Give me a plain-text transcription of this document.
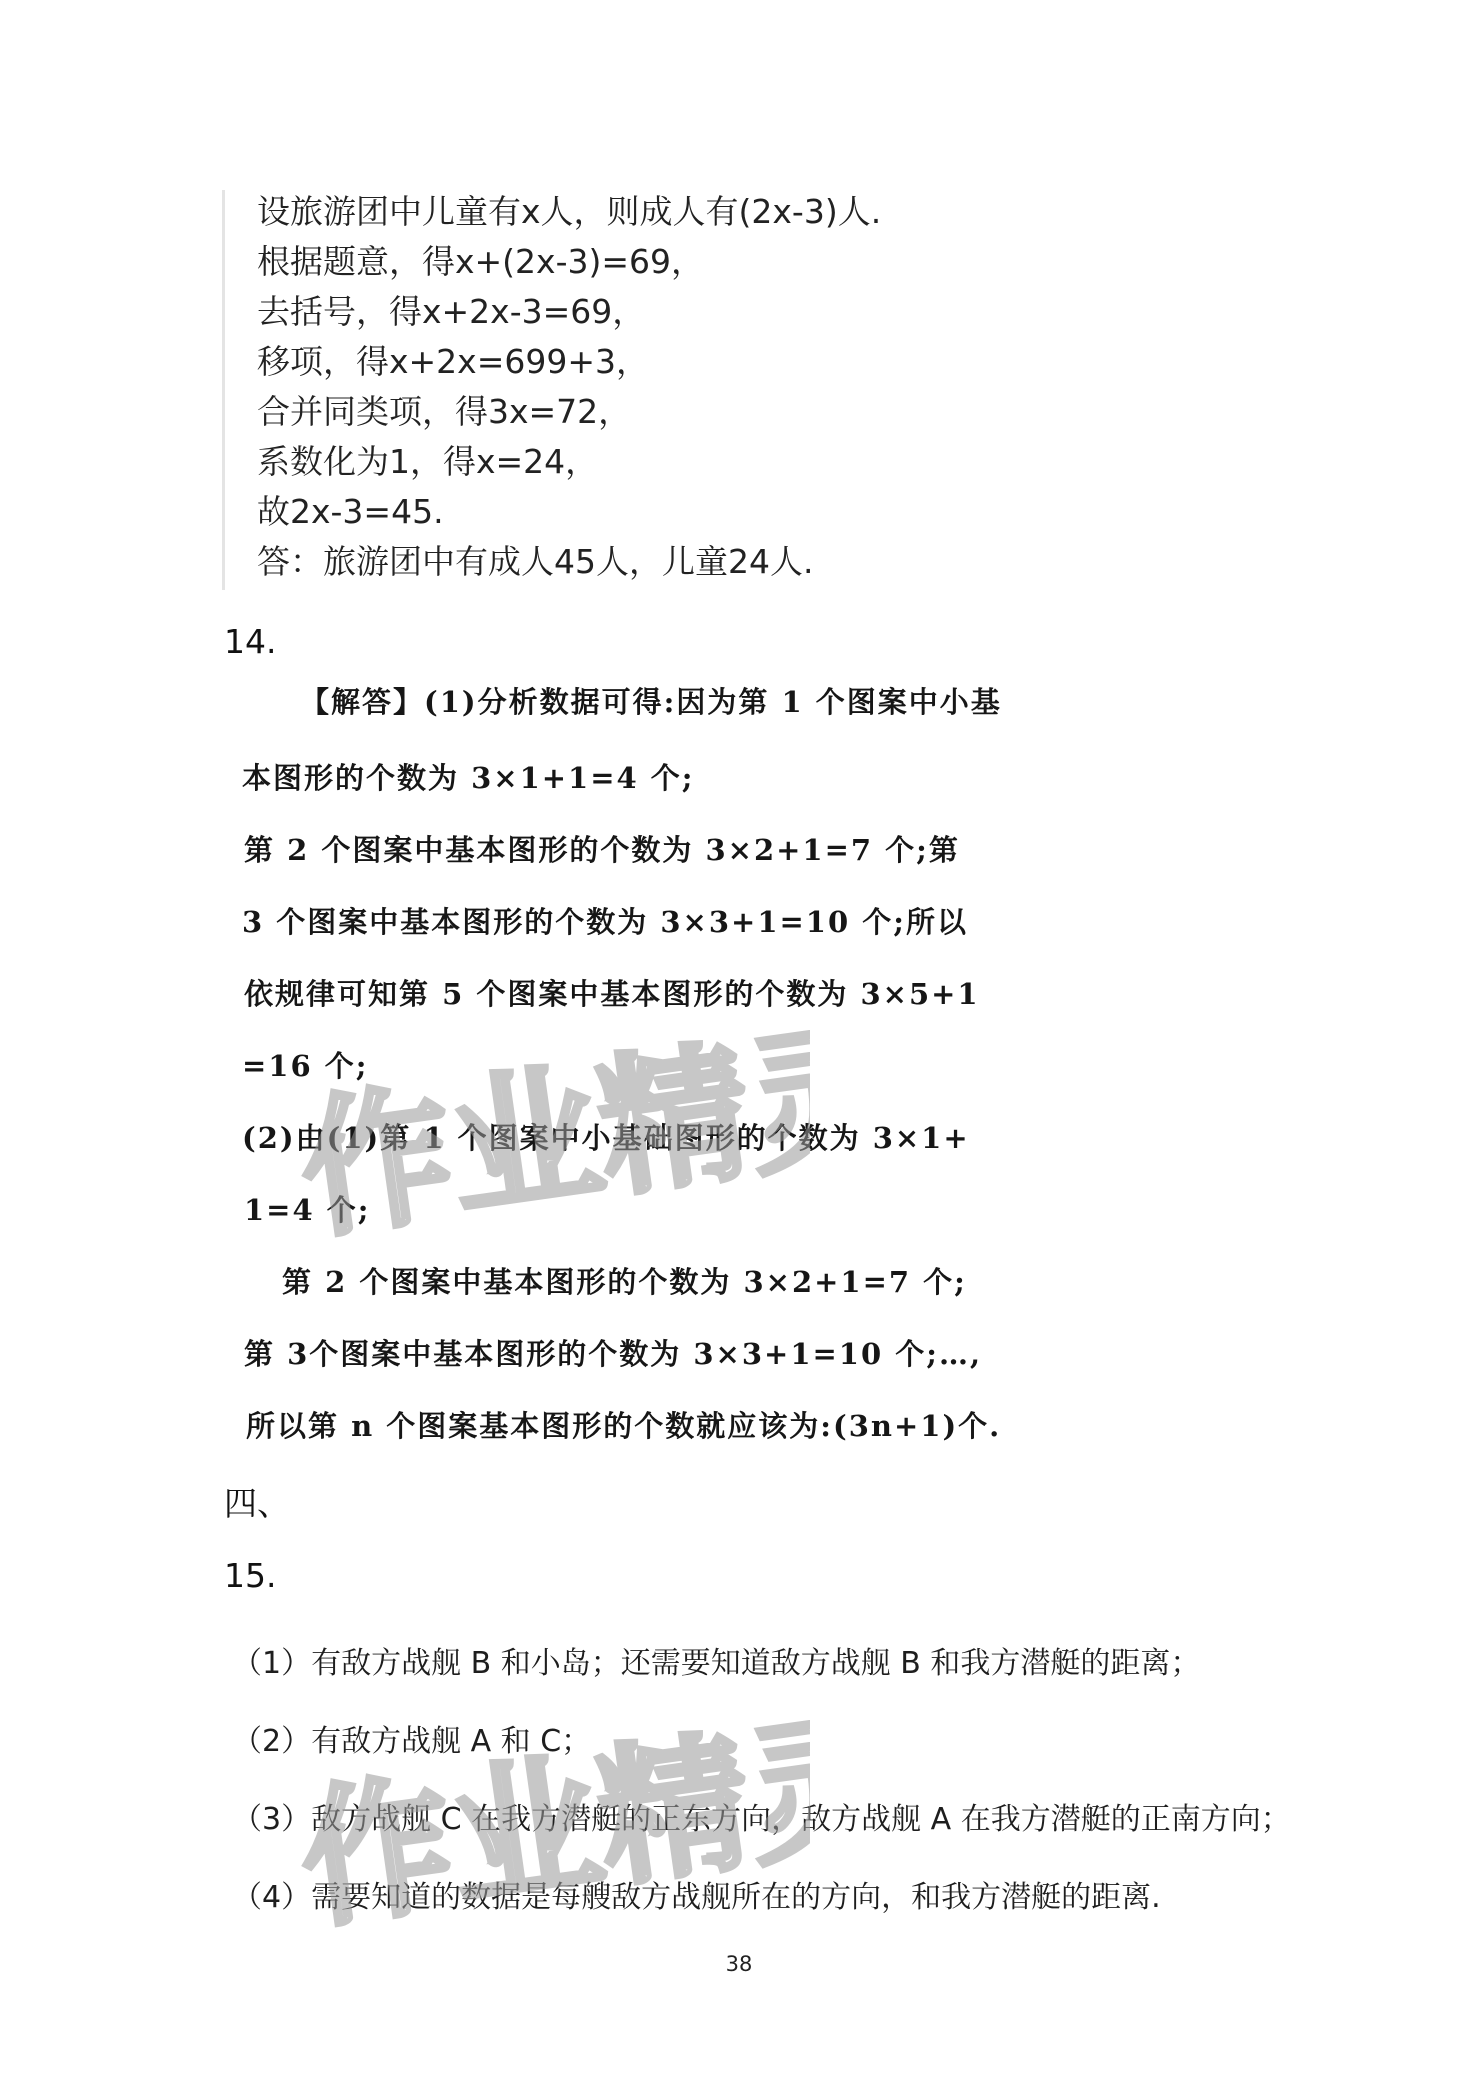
设旅游团中儿童有x人，则成人有(2x-3)人.
根据题意，得x+(2x-3)=69，
去括号，得x+2x-3=69，
移项，得x+2x=699+3，
合并同类项，得3x=72，
系数化为1，得x=24，
故2x-3=45.
答：旅游团中有成人45人，儿童24人.
14.
【解答】(1)分析数据可得:因为第 1 个图案中小基
本图形的个数为 3×1+1=4 个;
第 2 个图案中基本图形的个数为 3×2+1=7 个;第
3 个图案中基本图形的个数为 3×3+1=10 个;所以
依规律可知第 5 个图案中基本图形的个数为 3×5+1
=16 个;
(2)由(1)第 1 个图案中小基础图形的个数为 3×1+
1=4 个;
第 2 个图案中基本图形的个数为 3×2+1=7 个;
第 3个图案中基本图形的个数为 3×3+1=10 个;…,
所以第 n 个图案基本图形的个数就应该为:(3n+1)个.
四、
15.
（1）有敌方战舰 B 和小岛；还需要知道敌方战舰 B 和我方潜艇的距离；
（2）有敌方战舰 A 和 C；
（3）敌方战舰 C 在我方潜艇的正东方向，敌方战舰 A 在我方潜艇的正南方向；
（4）需要知道的数据是每艘敌方战舰所在的方向，和我方潜艇的距离.
作业精灵
作业精灵
38
